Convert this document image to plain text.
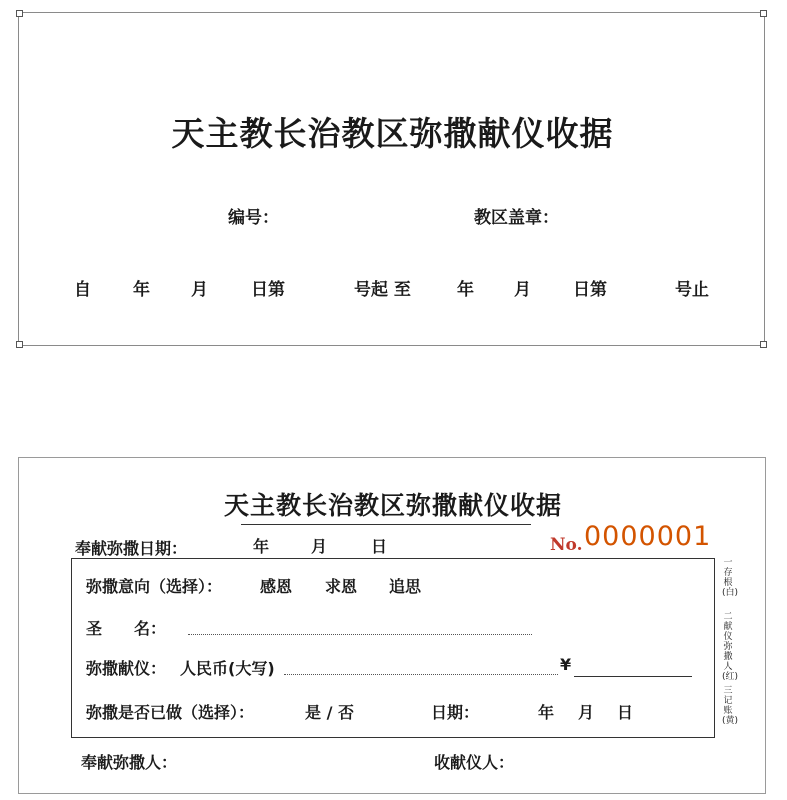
天主教长治教区弥撒献仪收据
编号：	教区盖章：
自 年 月	日第	号起 至	年 月 日第	号止
天主教长治教区弥撒献仪收据
奉献弥撒日期：	年	月	日	No. 0000001
弥撒意向（选择）： 感恩 求恩 追思
圣　　名：
弥撒献仪： 人民币(大写)	¥
弥撒是否已做（选择）：	是 / 否	日期：	年 月 日
一存根(白)
二献仪弥撒人(红)
三记账(黄)
奉献弥撒人：	收献仪人：
